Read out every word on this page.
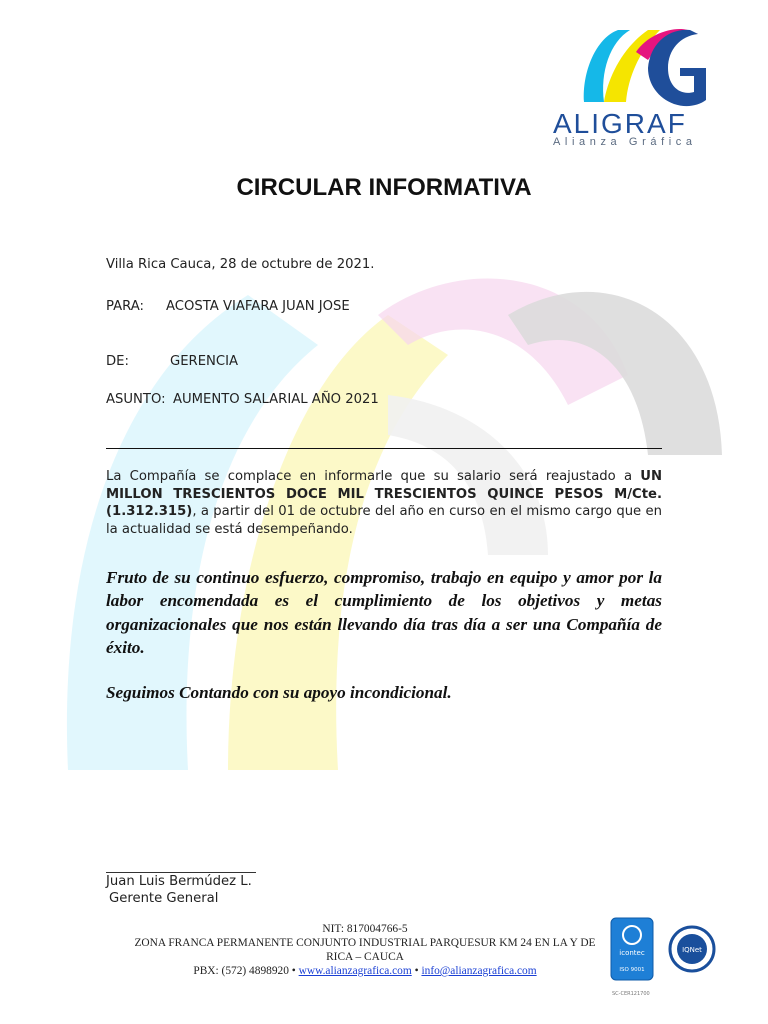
ALIGRAF
Alianza Gráfica
CIRCULAR INFORMATIVA
Villa Rica Cauca, 28 de octubre de 2021.
PARA: ACOSTA VIAFARA JUAN JOSE
DE:	GERENCIA
ASUNTO: AUMENTO SALARIAL AÑO 2021
La Compañía se complace en informarle que su salario será reajustado a UN MILLON TRESCIENTOS DOCE MIL TRESCIENTOS QUINCE PESOS M/Cte. (1.312.315), a partir del 01 de octubre del año en curso en el mismo cargo que en la actualidad se está desempeñando.
Fruto de su continuo esfuerzo, compromiso, trabajo en equipo y amor por la labor encomendada es el cumplimiento de los objetivos y metas organizacionales que nos están llevando día tras día a ser una Compañía de éxito.
Seguimos Contando con su apoyo incondicional.
Juan Luis Bermúdez L.
Gerente General
NIT: 817004766-5
ZONA FRANCA PERMANENTE CONJUNTO INDUSTRIAL PARQUESUR KM 24 EN LA Y DE
RICA – CAUCA
PBX: (572) 4898920 • www.alianzagrafica.com • info@alianzagrafica.com
icontec
ISO 9001
IQNet
SC-CER121700
